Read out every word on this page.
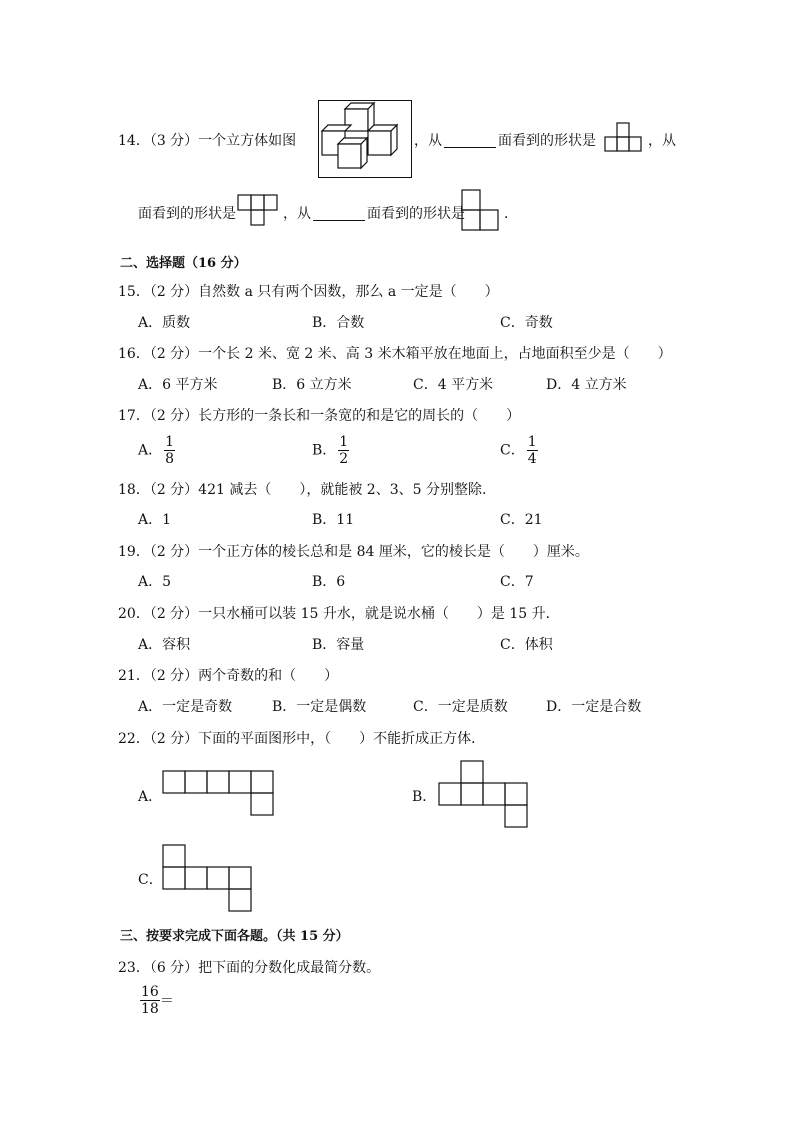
14．（3 分）一个立方体如图	，从	面看到的形状是	，从
面看到的形状是	，从	面看到的形状是	．
二、选择题（16 分）
15．（2 分）自然数 a 只有两个因数，那么 a 一定是（　　）
A．质数	B．合数	C．奇数
16．（2 分）一个长 2 米、宽 2 米、高 3 米木箱平放在地面上，占地面积至少是（　　）
A．6 平方米	B．6 立方米	C．4 平方米	D．4 立方米
17．（2 分）长方形的一条长和一条宽的和是它的周长的（　　）
A． $\frac{1}{8}$	B． $\frac{1}{2}$	C． $\frac{1}{4}$
18．（2 分）421 减去（　　），就能被 2、3、5 分别整除．
A．1	B．11	C．21
19．（2 分）一个正方体的棱长总和是 84 厘米，它的棱长是（　　）厘米。
A．5	B．6	C．7
20．（2 分）一只水桶可以装 15 升水，就是说水桶（　　）是 15 升．
A．容积	B．容量	C．体积
21．（2 分）两个奇数的和（　　）
A．一定是奇数	B．一定是偶数	C．一定是质数	D．一定是合数
22．（2 分）下面的平面图形中，（　　）不能折成正方体．
A．	B．
C．
三、按要求完成下面各题。（共 15 分）
23．（6 分）把下面的分数化成最简分数。
$\frac{16}{18}$ ＝
